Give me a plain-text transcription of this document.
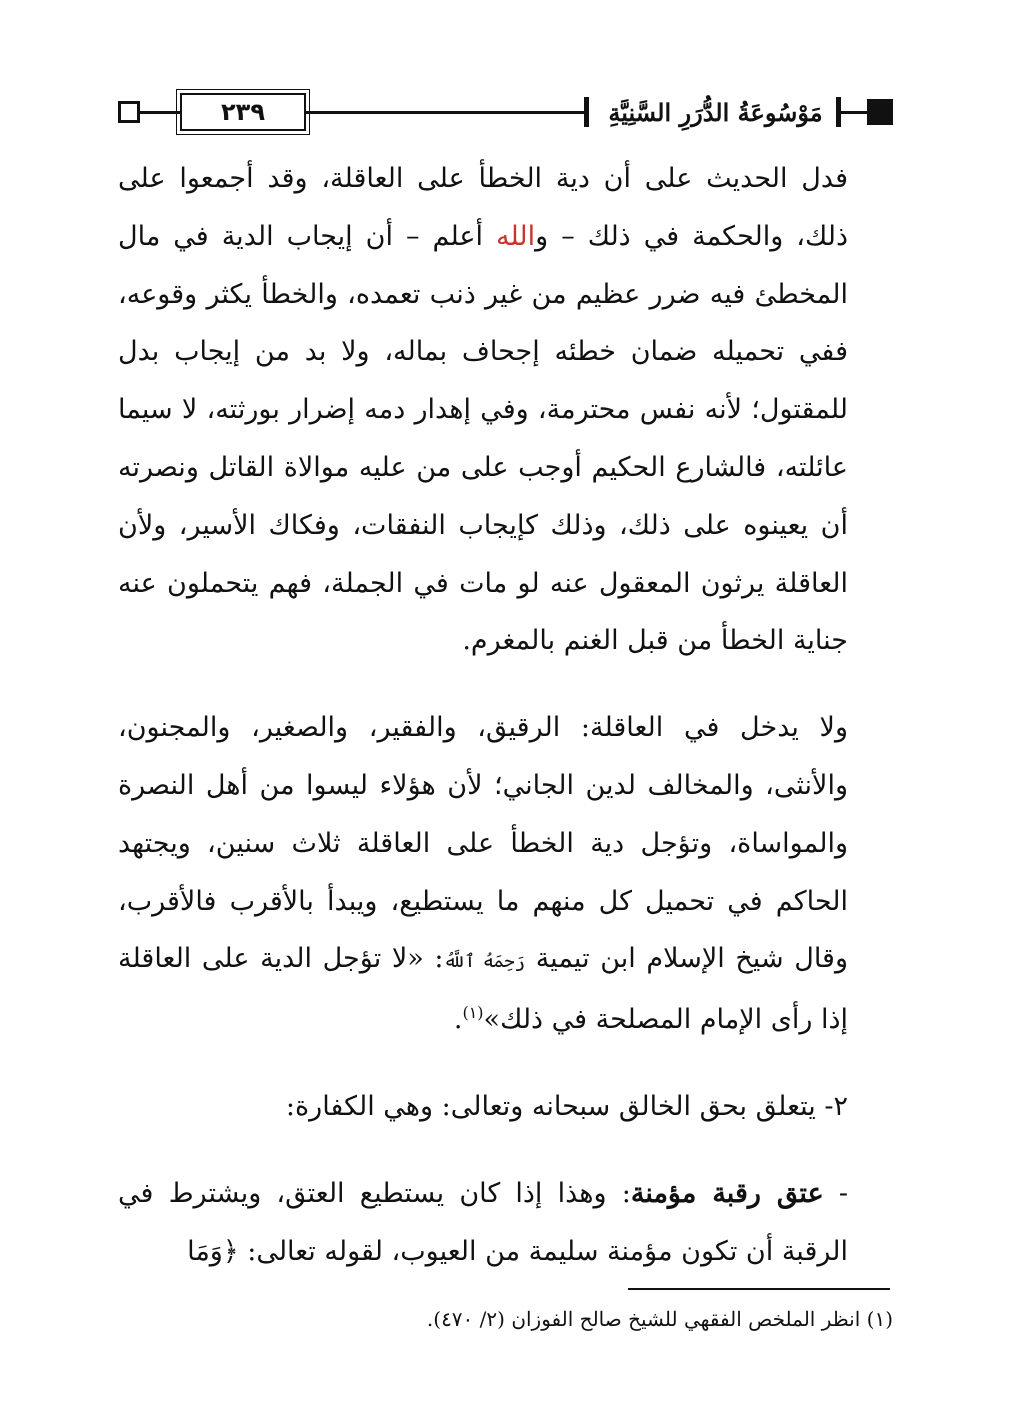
٢٣٩	مَوْسُوعَةُ الدُّرَرِ السَّنِيَّةِ

فدل الحديث على أن دية الخطأ على العاقلة، وقد أجمعوا على ذلك، والحكمة في ذلك – والله أعلم – أن إيجاب الدية في مال المخطئ فيه ضرر عظيم من غير ذنب تعمده، والخطأ يكثر وقوعه، ففي تحميله ضمان خطئه إجحاف بماله، ولا بد من إيجاب بدل للمقتول؛ لأنه نفس محترمة، وفي إهدار دمه إضرار بورثته، لا سيما عائلته، فالشارع الحكيم أوجب على من عليه موالاة القاتل ونصرته أن يعينوه على ذلك، وذلك كإيجاب النفقات، وفكاك الأسير، ولأن العاقلة يرثون المعقول عنه لو مات في الجملة، فهم يتحملون عنه جناية الخطأ من قبل الغنم بالمغرم.

ولا يدخل في العاقلة: الرقيق، والفقير، والصغير، والمجنون، والأنثى، والمخالف لدين الجاني؛ لأن هؤلاء ليسوا من أهل النصرة والمواساة، وتؤجل دية الخطأ على العاقلة ثلاث سنين، ويجتهد الحاكم في تحميل كل منهم ما يستطيع، ويبدأ بالأقرب فالأقرب، وقال شيخ الإسلام ابن تيمية رَحِمَهُ ٱللَّهُ: «لا تؤجل الدية على العاقلة إذا رأى الإمام المصلحة في ذلك»$^{(١)}$.

٢- يتعلق بحق الخالق سبحانه وتعالى: وهي الكفارة:

- عتق رقبة مؤمنة: وهذا إذا كان يستطيع العتق، ويشترط في الرقبة أن تكون مؤمنة سليمة من العيوب، لقوله تعالى: ﴿وَمَا

(١) انظر الملخص الفقهي للشيخ صالح الفوزان (٢/ ٤٧٠).
